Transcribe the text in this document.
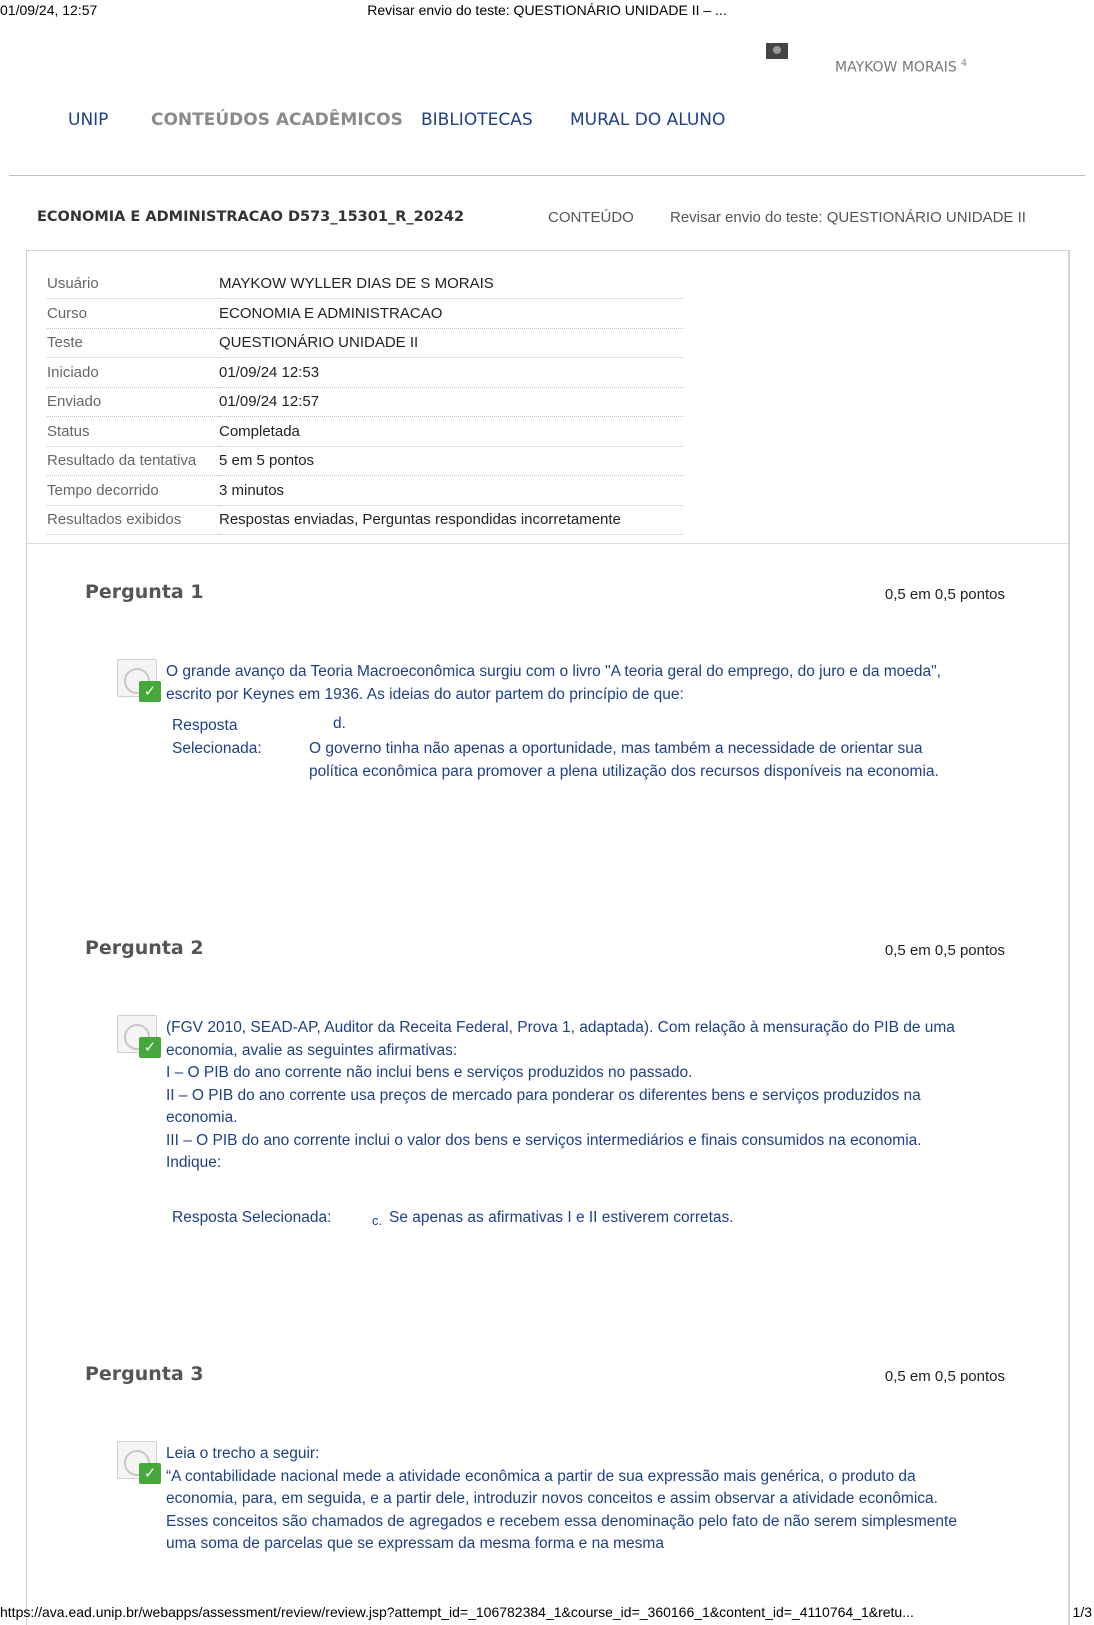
01/09/24, 12:57	Revisar envio do teste: QUESTIONÁRIO UNIDADE II – ...
MAYKOW MORAIS $^4$
UNIP	CONTEÚDOS ACADÊMICOS BIBLIOTECAS MURAL DO ALUNO
ECONOMIA E ADMINISTRACAO D573_15301_R_20242	CONTEÚDO Revisar envio do teste: QUESTIONÁRIO UNIDADE II
Usuário	MAYKOW WYLLER DIAS DE S MORAIS
Curso	ECONOMIA E ADMINISTRACAO
Teste	QUESTIONÁRIO UNIDADE II
Iniciado	01/09/24 12:53
Enviado	01/09/24 12:57
Status	Completada
Resultado da tentativa	5 em 5 pontos
Tempo decorrido	3 minutos
Resultados exibidos	Respostas enviadas, Perguntas respondidas incorretamente
Pergunta 1	0,5 em 0,5 pontos
✓

O grande avanço da Teoria Macroeconômica surgiu com o livro "A teoria geral do emprego, do juro e da moeda", escrito por Keynes em 1936. As ideias do autor partem do princípio de que:

Resposta Selecionada:
d.
O governo tinha não apenas a oportunidade, mas também a necessidade de orientar sua política econômica para promover a plena utilização dos recursos disponíveis na economia.
Pergunta 2	0,5 em 0,5 pontos
✓

(FGV 2010, SEAD-AP, Auditor da Receita Federal, Prova 1, adaptada). Com relação à mensuração do PIB de uma economia, avalie as seguintes afirmativas:

I – O PIB do ano corrente não inclui bens e serviços produzidos no passado.

II – O PIB do ano corrente usa preços de mercado para ponderar os diferentes bens e serviços produzidos na economia.

III – O PIB do ano corrente inclui o valor dos bens e serviços intermediários e finais consumidos na economia.

Indique:

Resposta Selecionada:	c. Se apenas as afirmativas I e II estiverem corretas.
Pergunta 3	0,5 em 0,5 pontos
✓

Leia o trecho a seguir:

“A contabilidade nacional mede a atividade econômica a partir de sua expressão mais genérica, o produto da economia, para, em seguida, e a partir dele, introduzir novos conceitos e assim observar a atividade econômica. Esses conceitos são chamados de agregados e recebem essa denominação pelo fato de não serem simplesmente uma soma de parcelas que se expressam da mesma forma e na mesma

https://ava.ead.unip.br/webapps/assessment/review/review.jsp?attempt_id=_106782384_1&course_id=_360166_1&content_id=_4110764_1&retu...	1/3
